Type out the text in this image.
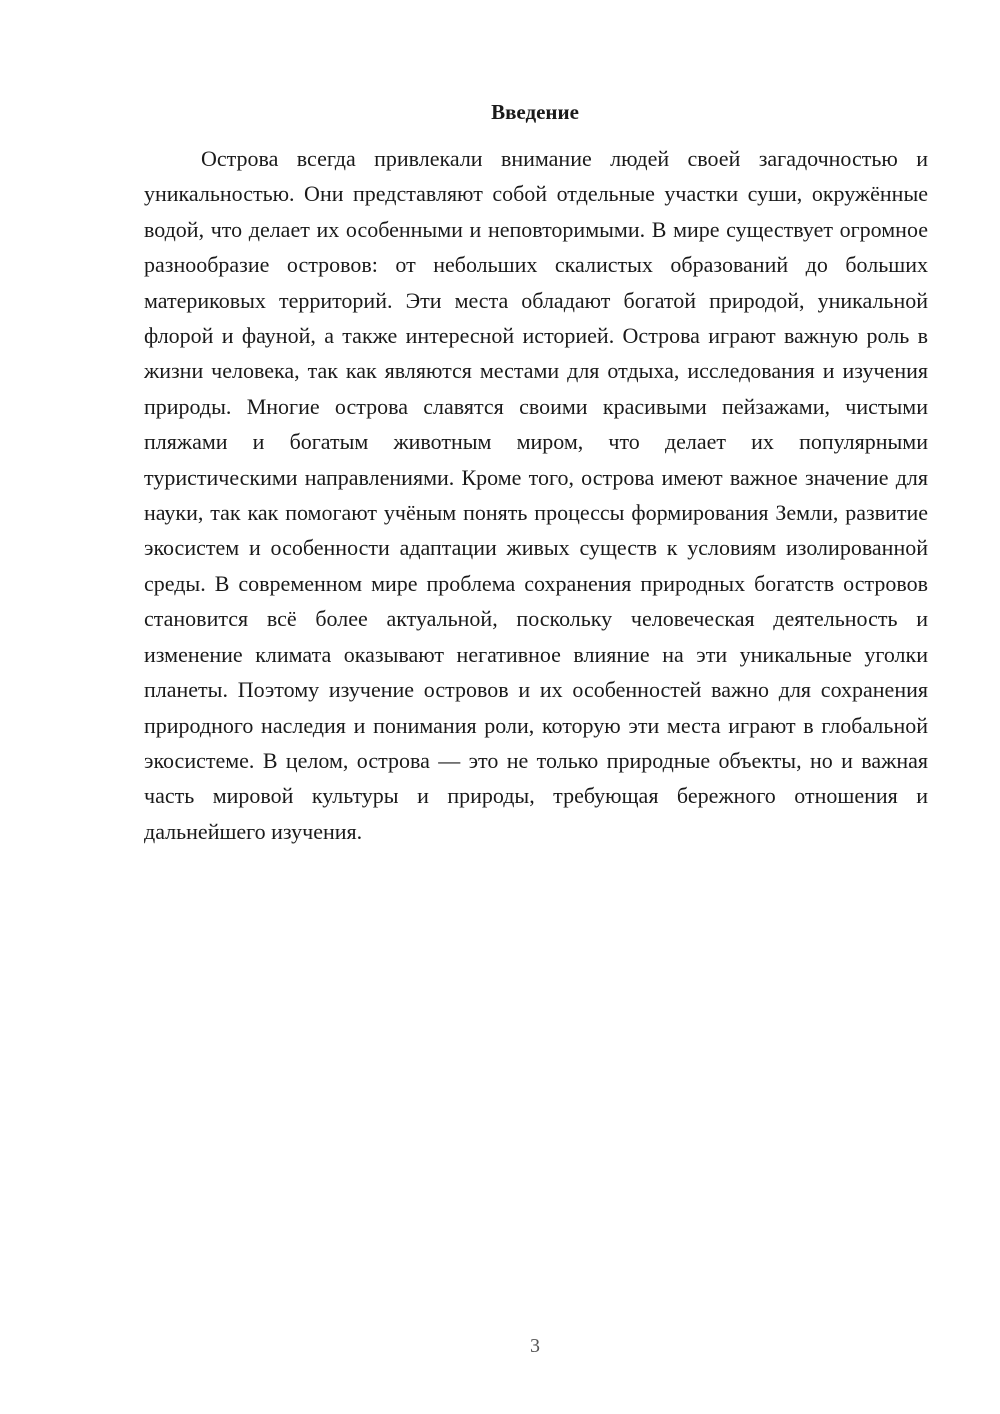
Введение

Острова всегда привлекали внимание людей своей загадочностью и уникальностью. Они представляют собой отдельные участки суши, окружённые водой, что делает их особенными и неповторимыми. В мире существует огромное разнообразие островов: от небольших скалистых образований до больших материковых территорий. Эти места обладают богатой природой, уникальной флорой и фауной, а также интересной историей. Острова играют важную роль в жизни человека, так как являются местами для отдыха, исследования и изучения природы. Многие острова славятся своими красивыми пейзажами, чистыми пляжами и богатым животным миром, что делает их популярными туристическими направлениями. Кроме того, острова имеют важное значение для науки, так как помогают учёным понять процессы формирования Земли, развитие экосистем и особенности адаптации живых существ к условиям изолированной среды. В современном мире проблема сохранения природных богатств островов становится всё более актуальной, поскольку человеческая деятельность и изменение климата оказывают негативное влияние на эти уникальные уголки планеты. Поэтому изучение островов и их особенностей важно для сохранения природного наследия и понимания роли, которую эти места играют в глобальной экосистеме. В целом, острова — это не только природные объекты, но и важная часть мировой культуры и природы, требующая бережного отношения и дальнейшего изучения.

3
